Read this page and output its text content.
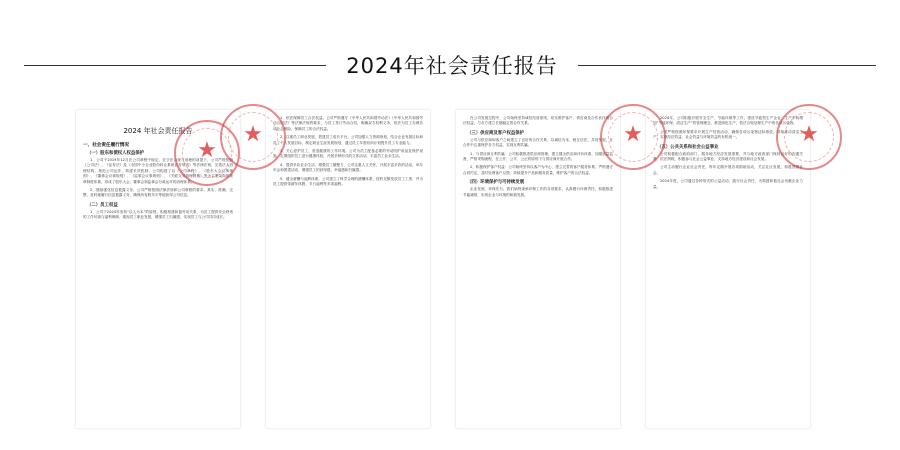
2024年社会责任报告
2024 年社会责任报告
一、社会责任履行情况
（一）股东和债权人权益保护
1、公司于2019年12月在公司章程中规定，在守法合规与治理的前提下，公司严格按照《公司法》、《证券法》及《全国中小企业股份转让系统业务规则》等法律法规，完善法人治理结构，规范公司运作，构建长效机制，公司构建了以《公司章程》、《股东大会议事规则》、《董事会议事规则》、《监事会议事规则》、《关联交易管理制度》等为主要架构的规章制度体系，形成了股东大会、董事会和监事会分离运作的治理体系。
2、继续强化信息披露义务，公司严格按照法律法规和公司章程的要求，真实、准确、完整、及时地履行信息披露义务，确保所有股东平等地获得公司信息。
（二）员工权益
1、公司于2024年坚持“以人为本”的原则，积极构建和谐劳动关系，为员工提供安全舒适的工作环境与福利保障，重视员工职业发展，增强员工归属感，实现员工与公司共同成长。
1、依法保障员工合法权益。公司严格遵守《中华人民共和国劳动法》《中华人民共和国劳动合同法》等法律法规的要求，与员工签订劳动合同，明确双方权利义务，依法为员工办理各项社会保险，保障员工的合法权益。
2、注重员工职业发展，搭建员工成长平台。公司加强人力资源规划，结合企业发展目标和员工个人发展目标，制定职业生涯发展规划，通过员工年度培训计划提升员工专业能力。
3、关心爱护员工，营造健康的工作环境。公司为员工配备必要的劳动防护用品及保护设施，定期组织员工进行健康体检，开展多种形式的文体活动，丰富员工业余生活。
4、提供多彩业余生活，增强员工凝聚力，公司注重人文关怀，开展丰富多彩的活动，举办年会和团建活动，增强员工的获得感、幸福感和归属感。
5、健全薪酬与福利体系，公司建立了科学合理的薪酬体系，按时足额发放员工工资，并为员工提供带薪年休假、节日福利等多项福利。
在公司发展过程中，公司始终坚持诚信经营原则，切实维护客户、供应商及合作伙伴的合法权益，与各方建立长期稳定的合作关系。
（三）供应商及客户权益保护
公司与供应商和客户之间建立了良好的合作关系，以诚信为本，相互信任，共同发展，在合作中注重保护各方权益，实现互利共赢。
1、与供应商互利共赢：公司积极推进供应商管理，建立健全供应商评价体系，加强质量监督，严格采购流程，在公开、公平、公正的原则下与供应商开展合作。
2、积极保护客户权益：公司始终坚持以客户为中心，建立完善的客户服务体系，严格遵守合同约定，及时处理客户反馈，持续提升产品和服务质量，维护客户的合法权益。
（四）环境保护与可持续发展
企业发展，环保先行。我们始终秉承环保工作的各项要求，认真履行环保责任，积极推进节能减排，实现企业与环境的和谐发展。
2024年，公司积极开展安全生产、节能环保等工作，建设节能型生产企业，生产车间增加“节能环保、清洁生产”的管理理念，推进绿色生产，依法合规处理生产中的各项污染物。
公司严格按照环保要求开展生产经营活动，确保各项污染物达标排放，持续推动清洁生产，实现经济效益、社会效益与环境效益的有机统一。
（五）公共关系和社会公益事业
公司积极配合政府部门，服务地方经济发展需要，并与地方政府部门保持良好的沟通关系，依法纳税，积极参与社会公益事业，支持地方经济建设和社会发展。
公司主动履行企业社会责任，每年定期开展各项捐助活动，关注社区发展，积极回馈社会。
2024年度，公司通过各种形式的公益活动，践行社会责任，为构建和谐社会贡献企业力量。
★
★	★	★
